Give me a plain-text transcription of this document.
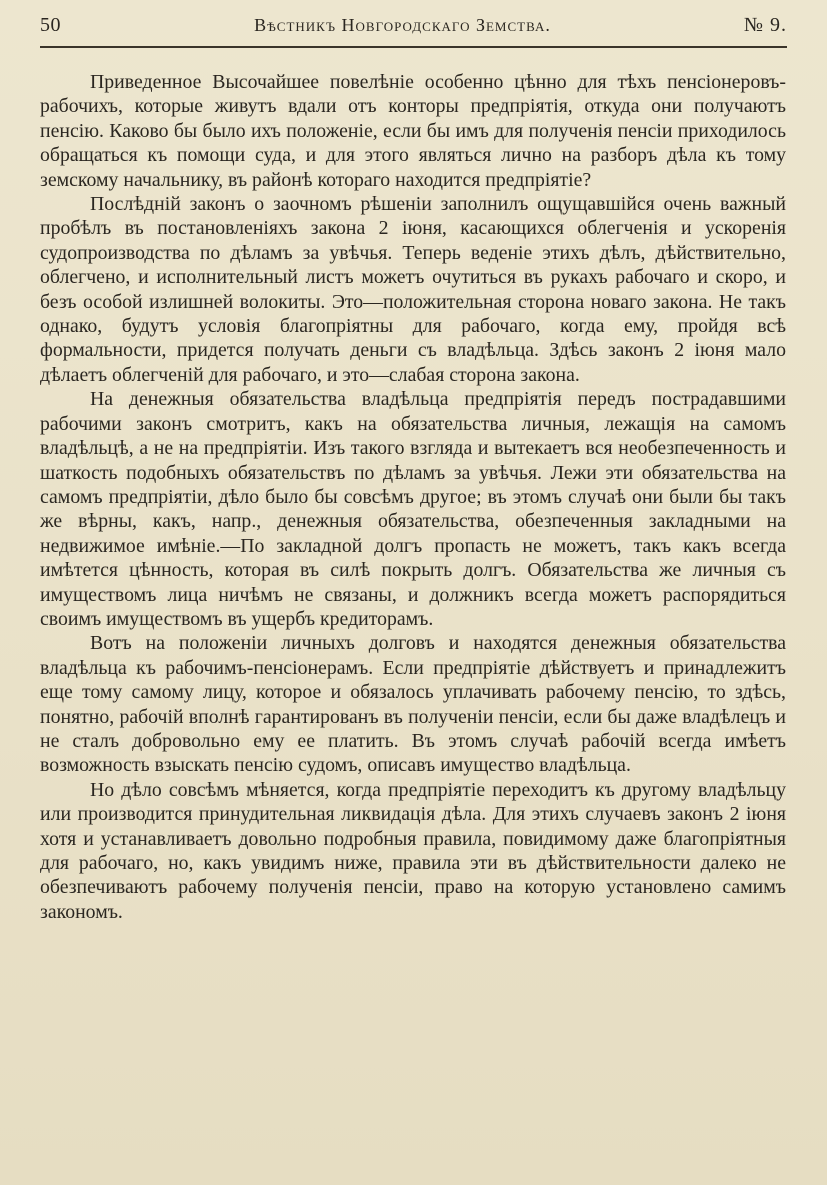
50	Вѣстникъ Новгородскаго Земства.	№ 9.

Приведенное Высочайшее повелѣніе особенно цѣнно для тѣхъ пенсіонеровъ-рабочихъ, которые живутъ вдали отъ конторы предпріятія, откуда они получаютъ пенсію. Каково бы было ихъ положеніе, если бы имъ для полученія пенсіи приходилось обращаться къ помощи суда, и для этого являться лично на разборъ дѣла къ тому земскому начальнику, въ районѣ котораго находится предпріятіе?

Послѣдній законъ о заочномъ рѣшеніи заполнилъ ощущавшійся очень важный пробѣлъ въ постановленіяхъ закона 2 іюня, касающихся облегченія и ускоренія судопроизводства по дѣламъ за увѣчья. Теперь веденіе этихъ дѣлъ, дѣйствительно, облегчено, и исполнительный листъ можетъ очутиться въ рукахъ рабочаго и скоро, и безъ особой излишней волокиты. Это—положительная сторона новаго закона. Не такъ однако, будутъ условія благопріятны для рабочаго, когда ему, пройдя всѣ формальности, придется получать деньги съ владѣльца. Здѣсь законъ 2 іюня мало дѣлаетъ облегченій для рабочаго, и это—слабая сторона закона.

На денежныя обязательства владѣльца предпріятія передъ пострадавшими рабочими законъ смотритъ, какъ на обязательства личныя, лежащія на самомъ владѣльцѣ, а не на предпріятіи. Изъ такого взгляда и вытекаетъ вся необезпеченность и шаткость подобныхъ обязательствъ по дѣламъ за увѣчья. Лежи эти обязательства на самомъ предпріятіи, дѣло было бы совсѣмъ другое; въ этомъ случаѣ они были бы такъ же вѣрны, какъ, напр., денежныя обязательства, обезпеченныя закладными на недвижимое имѣніе.—По закладной долгъ пропасть не можетъ, такъ какъ всегда имѣтется цѣнность, которая въ силѣ покрыть долгъ. Обязательства же личныя съ имуществомъ лица ничѣмъ не связаны, и должникъ всегда можетъ распорядиться своимъ имуществомъ въ ущербъ кредиторамъ.

Вотъ на положеніи личныхъ долговъ и находятся денежныя обязательства владѣльца къ рабочимъ-пенсіонерамъ. Если предпріятіе дѣйствуетъ и принадлежитъ еще тому самому лицу, которое и обязалось уплачивать рабочему пенсію, то здѣсь, понятно, рабочій вполнѣ гарантированъ въ полученіи пенсіи, если бы даже владѣлецъ и не сталъ добровольно ему ее платить. Въ этомъ случаѣ рабочій всегда имѣетъ возможность взыскать пенсію судомъ, описавъ имущество владѣльца.

Но дѣло совсѣмъ мѣняется, когда предпріятіе переходитъ къ другому владѣльцу или производится принудительная ликвидація дѣла. Для этихъ случаевъ законъ 2 іюня хотя и устанавливаетъ довольно подробныя правила, повидимому даже благопріятныя для рабочаго, но, какъ увидимъ ниже, правила эти въ дѣйствительности далеко не обезпечиваютъ рабочему полученія пенсіи, право на которую установлено самимъ закономъ.
